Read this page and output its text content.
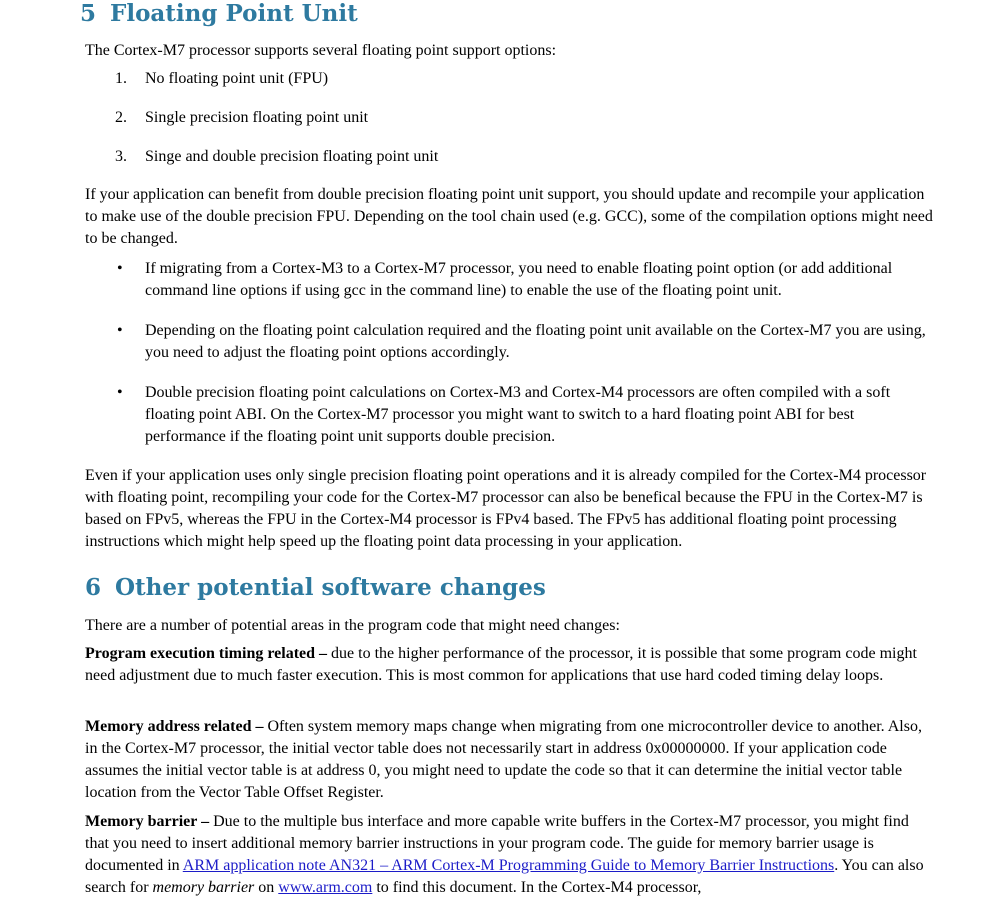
5 Floating Point Unit

The Cortex-M7 processor supports several floating point support options:

1. No floating point unit (FPU)
2. Single precision floating point unit
3. Singe and double precision floating point unit

If your application can benefit from double precision floating point unit support, you should update and recompile your application to make use of the double precision FPU. Depending on the tool chain used (e.g. GCC), some of the compilation options might need to be changed.

• If migrating from a Cortex-M3 to a Cortex-M7 processor, you need to enable floating point option (or add additional command line options if using gcc in the command line) to enable the use of the floating point unit.
• Depending on the floating point calculation required and the floating point unit available on the Cortex-M7 you are using, you need to adjust the floating point options accordingly.
• Double precision floating point calculations on Cortex-M3 and Cortex-M4 processors are often compiled with a soft floating point ABI. On the Cortex-M7 processor you might want to switch to a hard floating point ABI for best performance if the floating point unit supports double precision.

Even if your application uses only single precision floating point operations and it is already compiled for the Cortex-M4 processor with floating point, recompiling your code for the Cortex-M7 processor can also be benefical because the FPU in the Cortex-M7 is based on FPv5, whereas the FPU in the Cortex-M4 processor is FPv4 based. The FPv5 has additional floating point processing instructions which might help speed up the floating point data processing in your application.

6 Other potential software changes

There are a number of potential areas in the program code that might need changes:

Program execution timing related – due to the higher performance of the processor, it is possible that some program code might need adjustment due to much faster execution. This is most common for applications that use hard coded timing delay loops.

Memory address related – Often system memory maps change when migrating from one microcontroller device to another. Also, in the Cortex-M7 processor, the initial vector table does not necessarily start in address 0x00000000. If your application code assumes the initial vector table is at address 0, you might need to update the code so that it can determine the initial vector table location from the Vector Table Offset Register.

Memory barrier – Due to the multiple bus interface and more capable write buffers in the Cortex-M7 processor, you might find that you need to insert additional memory barrier instructions in your program code. The guide for memory barrier usage is documented in ARM application note AN321 – ARM Cortex-M Programming Guide to Memory Barrier Instructions. You can also search for memory barrier on www.arm.com to find this document. In the Cortex-M4 processor,
